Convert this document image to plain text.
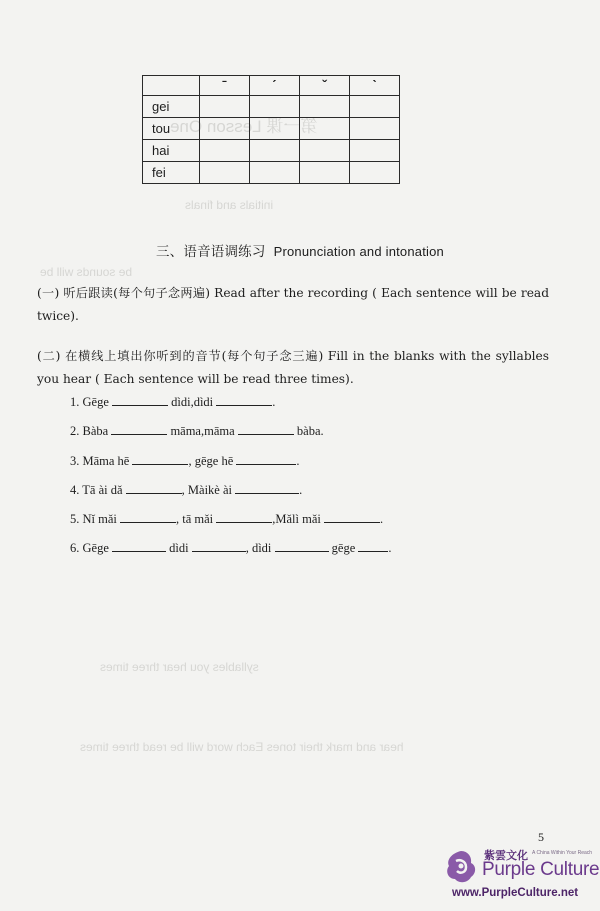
第一课 Lesson One
initials and finals
be sounds will be
syllables you hear three times
hear and mark their tones Each word will be read three times
	ˉ	ˊ	ˇ	ˋ
gei				
tou				
hai				
fei				
三、语音语调练习 Pronunciation and intonation
(一) 听后跟读(每个句子念两遍) Read after the recording ( Each sentence will be read twice).
(二) 在横线上填出你听到的音节(每个句子念三遍) Fill in the blanks with the syllables you hear ( Each sentence will be read three times).
1. Gēge	dìdi,dìdi	.
2. Bàba	māma,māma	bàba.
3. Māma hē	, gēge hē	.
4. Tā ài dǎ	, Màikè ài	.
5. Nǐ mǎi	, tā mǎi	,Mǎlì mǎi	.
6. Gēge	dìdi	, dìdi	gēge	.
5
紫雲文化 A China Within Your Reach
Purple Culture
www.PurpleCulture.net
